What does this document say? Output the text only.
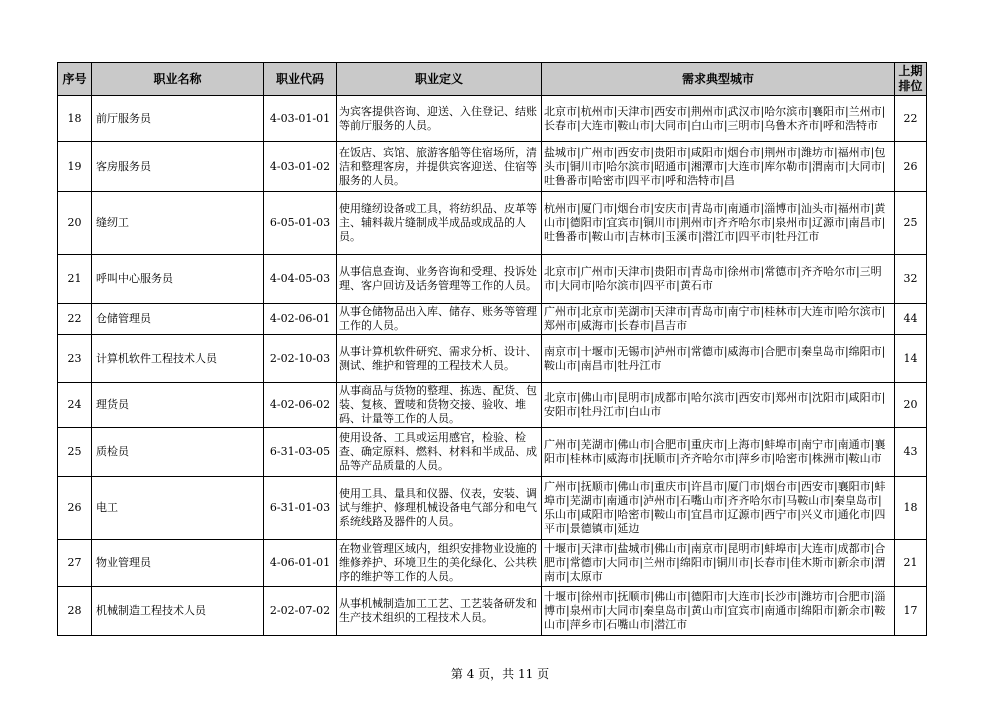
序号	职业名称	职业代码	职业定义	需求典型城市	上期排位
18	前厅服务员	4-03-01-01	为宾客提供咨询、迎送、入住登记、结账等前厅服务的人员。	北京市|杭州市|天津市|西安市|荆州市|武汉市|哈尔滨市|襄阳市|兰州市|长春市|大连市|鞍山市|大同市|白山市|三明市|乌鲁木齐市|呼和浩特市	22
19	客房服务员	4-03-01-02	在饭店、宾馆、旅游客船等住宿场所，清洁和整理客房，并提供宾客迎送、住宿等服务的人员。	盐城市|广州市|西安市|贵阳市|咸阳市|烟台市|荆州市|潍坊市|福州市|包头市|铜川市|哈尔滨市|昭通市|湘潭市|大连市|库尔勒市|渭南市|大同市|吐鲁番市|哈密市|四平市|呼和浩特市|昌	26
20	缝纫工	6-05-01-03	使用缝纫设备或工具，将纺织品、皮革等主、辅料裁片缝制成半成品或成品的人员。	杭州市|厦门市|烟台市|安庆市|青岛市|南通市|淄博市|汕头市|福州市|黄山市|德阳市|宜宾市|铜川市|荆州市|齐齐哈尔市|泉州市|辽源市|南昌市|吐鲁番市|鞍山市|吉林市|玉溪市|潜江市|四平市|牡丹江市	25
21	呼叫中心服务员	4-04-05-03	从事信息查询、业务咨询和受理、投诉处理、客户回访及话务管理等工作的人员。	北京市|广州市|天津市|贵阳市|青岛市|徐州市|常德市|齐齐哈尔市|三明市|大同市|哈尔滨市|四平市|黄石市	32
22	仓储管理员	4-02-06-01	从事仓储物品出入库、储存、账务等管理工作的人员。	广州市|北京市|芜湖市|天津市|青岛市|南宁市|桂林市|大连市|哈尔滨市|郑州市|威海市|长春市|昌吉市	44
23	计算机软件工程技术人员	2-02-10-03	从事计算机软件研究、需求分析、设计、测试、维护和管理的工程技术人员。	南京市|十堰市|无锡市|泸州市|常德市|威海市|合肥市|秦皇岛市|绵阳市|鞍山市|南昌市|牡丹江市	14
24	理货员	4-02-06-02	从事商品与货物的整理、拣选、配货、包装、复核、置唛和货物交接、验收、堆码、计量等工作的人员。	北京市|佛山市|昆明市|成都市|哈尔滨市|西安市|郑州市|沈阳市|咸阳市|安阳市|牡丹江市|白山市	20
25	质检员	6-31-03-05	使用设备、工具或运用感官，检验、检查、确定原料、燃料、材料和半成品、成品等产品质量的人员。	广州市|芜湖市|佛山市|合肥市|重庆市|上海市|蚌埠市|南宁市|南通市|襄阳市|桂林市|威海市|抚顺市|齐齐哈尔市|萍乡市|哈密市|株洲市|鞍山市	43
26	电工	6-31-01-03	使用工具、量具和仪器、仪表，安装、调试与维护、修理机械设备电气部分和电气系统线路及器件的人员。	广州市|抚顺市|佛山市|重庆市|许昌市|厦门市|烟台市|西安市|襄阳市|蚌埠市|芜湖市|南通市|泸州市|石嘴山市|齐齐哈尔市|马鞍山市|秦皇岛市|乐山市|咸阳市|哈密市|鞍山市|宜昌市|辽源市|西宁市|兴义市|通化市|四平市|景德镇市|延边	18
27	物业管理员	4-06-01-01	在物业管理区域内，组织安排物业设施的维修养护、环境卫生的美化绿化、公共秩序的维护等工作的人员。	十堰市|天津市|盐城市|佛山市|南京市|昆明市|蚌埠市|大连市|成都市|合肥市|常德市|大同市|兰州市|绵阳市|铜川市|长春市|佳木斯市|新余市|渭南市|太原市	21
28	机械制造工程技术人员	2-02-07-02	从事机械制造加工工艺、工艺装备研发和生产技术组织的工程技术人员。	十堰市|徐州市|抚顺市|佛山市|德阳市|大连市|长沙市|潍坊市|合肥市|淄博市|泉州市|大同市|秦皇岛市|黄山市|宜宾市|南通市|绵阳市|新余市|鞍山市|萍乡市|石嘴山市|潜江市	17
第 4 页，共 11 页
